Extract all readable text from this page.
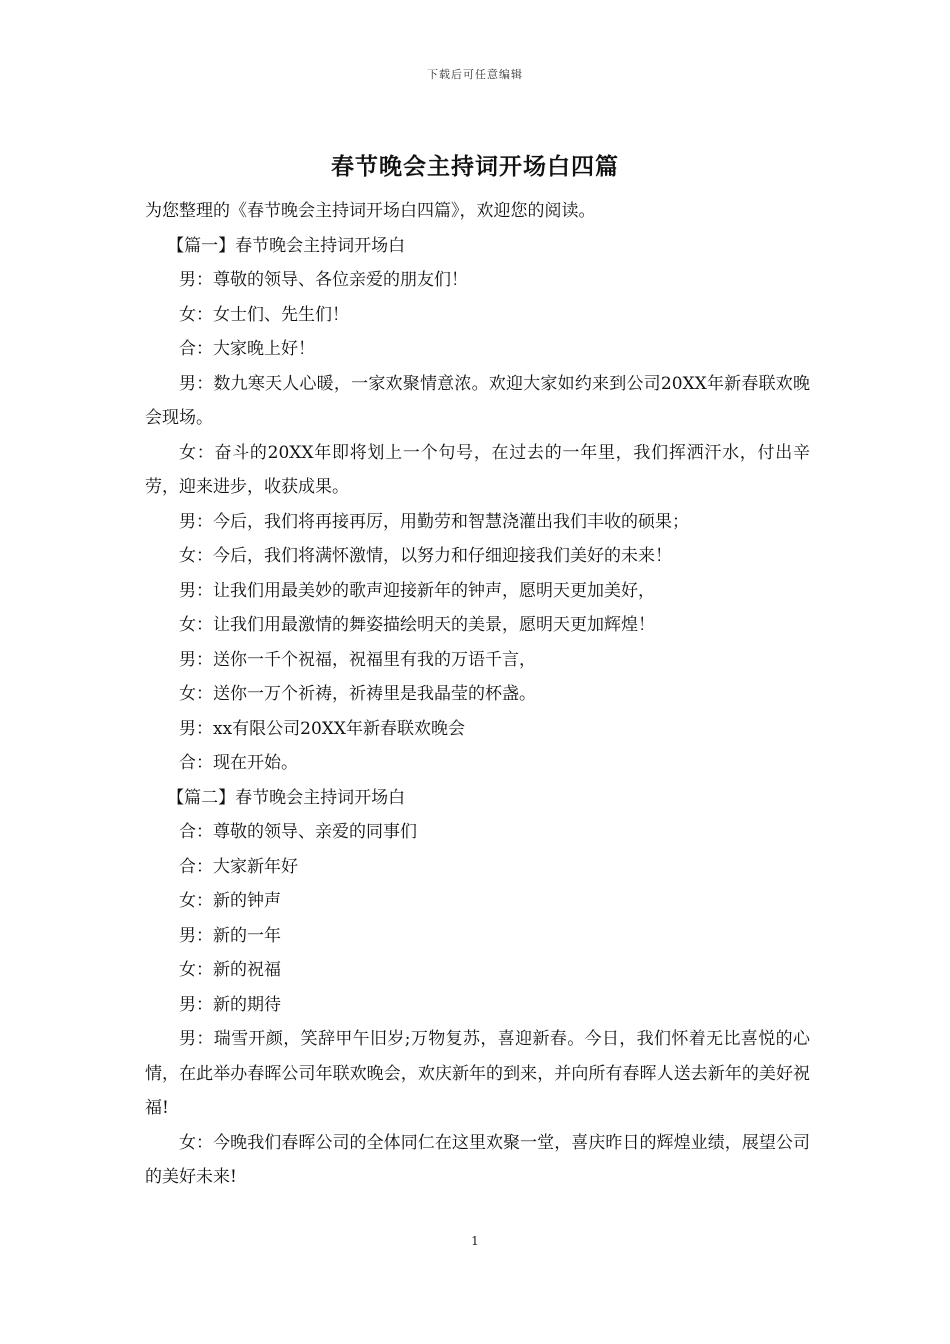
下载后可任意编辑
春节晚会主持词开场白四篇

为您整理的《春节晚会主持词开场白四篇》，欢迎您的阅读。

【篇一】春节晚会主持词开场白

男：尊敬的领导、各位亲爱的朋友们！

女：女士们、先生们！

合：大家晚上好！

男：数九寒天人心暖，一家欢聚情意浓。欢迎大家如约来到公司20XX年新春联欢晚会现场。

女：奋斗的20XX年即将划上一个句号，在过去的一年里，我们挥洒汗水，付出辛劳，迎来进步，收获成果。

男：今后，我们将再接再厉，用勤劳和智慧浇灌出我们丰收的硕果；

女：今后，我们将满怀激情，以努力和仔细迎接我们美好的未来！

男：让我们用最美妙的歌声迎接新年的钟声，愿明天更加美好，

女：让我们用最激情的舞姿描绘明天的美景，愿明天更加辉煌！

男：送你一千个祝福，祝福里有我的万语千言，

女：送你一万个祈祷，祈祷里是我晶莹的杯盏。

男：xx有限公司20XX年新春联欢晚会

合：现在开始。

【篇二】春节晚会主持词开场白

合：尊敬的领导、亲爱的同事们

合：大家新年好

女：新的钟声

男：新的一年

女：新的祝福

男：新的期待

男：瑞雪开颜，笑辞甲午旧岁;万物复苏，喜迎新春。今日，我们怀着无比喜悦的心情，在此举办春晖公司年联欢晚会，欢庆新年的到来，并向所有春晖人送去新年的美好祝福!

女：今晚我们春晖公司的全体同仁在这里欢聚一堂，喜庆昨日的辉煌业绩，展望公司的美好未来!

1
